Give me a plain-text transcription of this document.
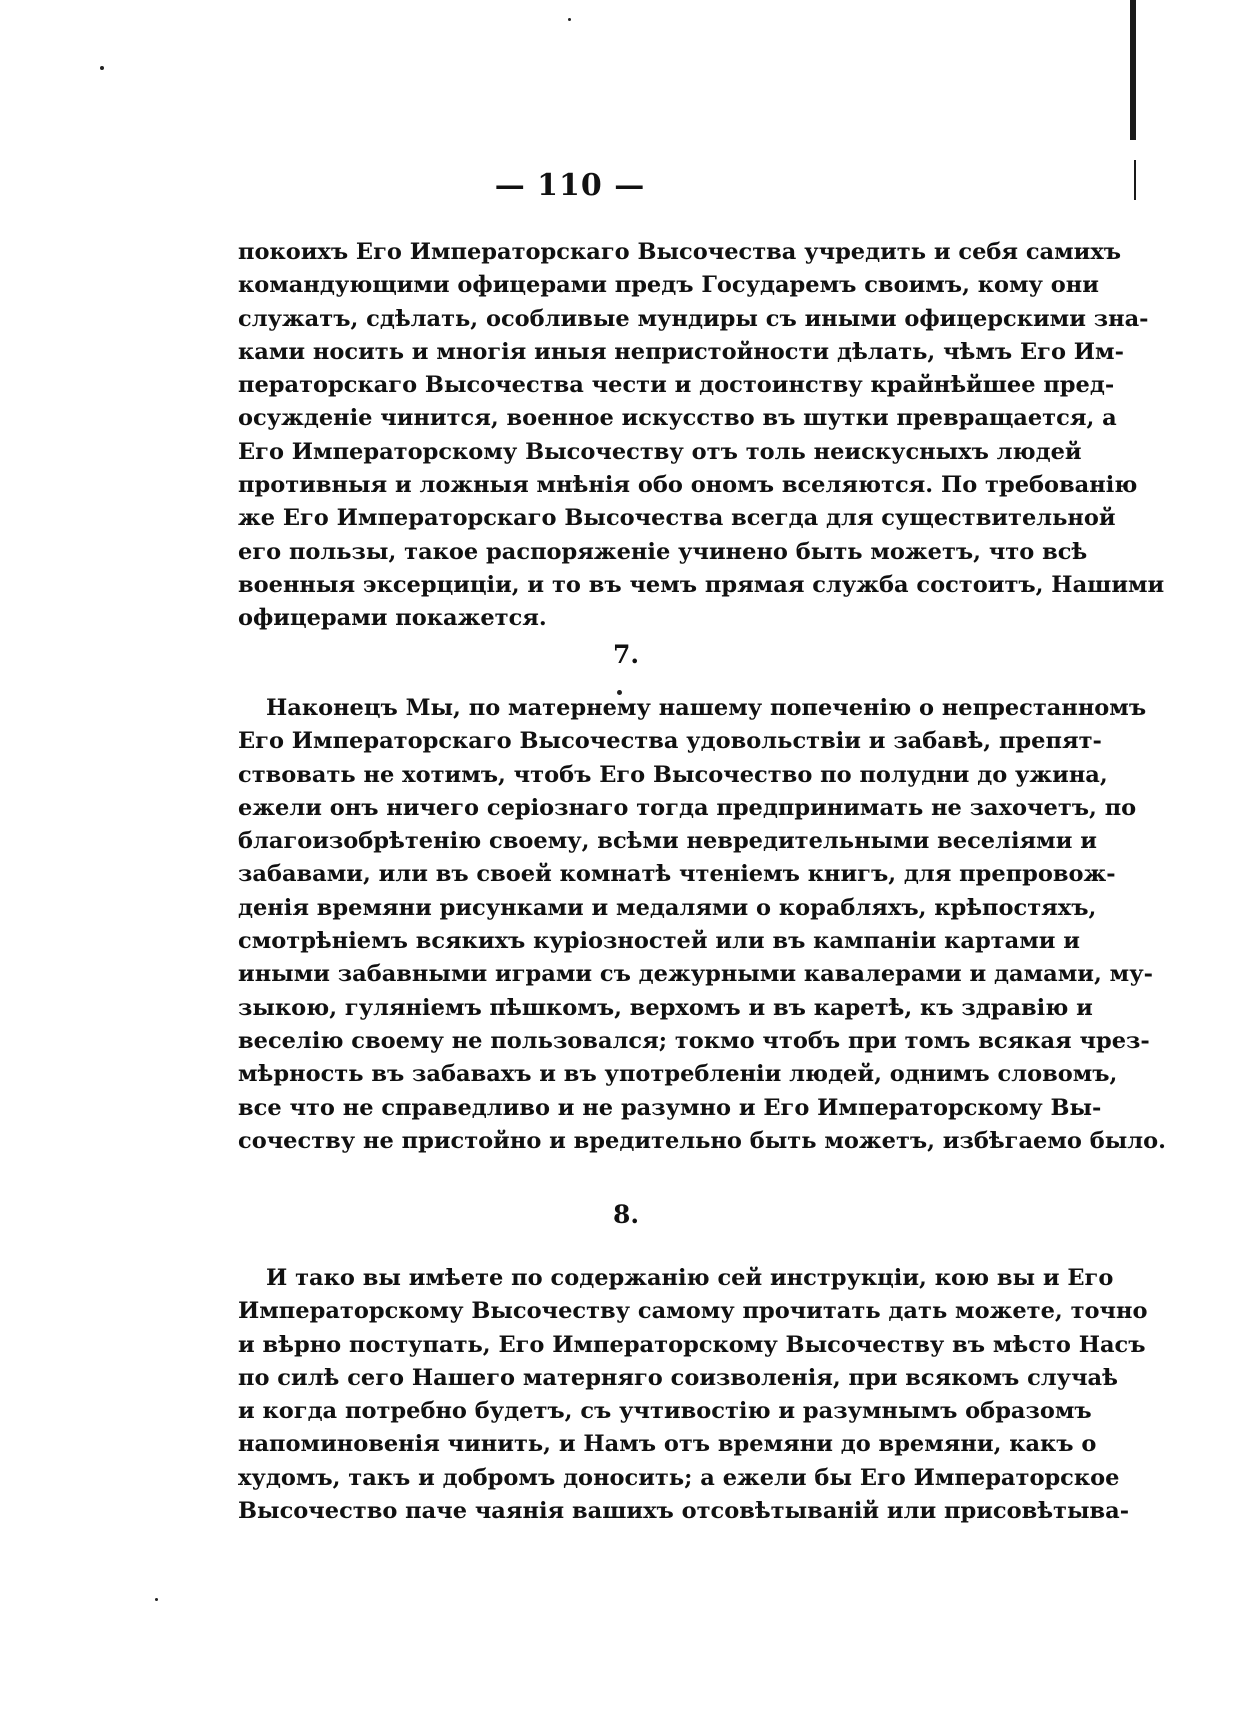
— 110 —
покоихъ Его Императорскаго Высочества учредить и себя самихъ
командующими офицерами предъ Государемъ своимъ, кому они
служатъ, сдѣлать, особливые мундиры съ иными офицерскими зна-
ками носить и многія иныя непристойности дѣлать, чѣмъ Его Им-
ператорскаго Высочества чести и достоинству крайнѣйшее пред-
осужденіе чинится, военное искусство въ шутки превращается, а
Его Императорскому Высочеству отъ толь неискусныхъ людей
противныя и ложныя мнѣнія обо ономъ вселяются. По требованію
же Его Императорскаго Высочества всегда для существительной
его пользы, такое распоряженіе учинено быть можетъ, что всѣ
военныя экcерциціи, и то въ чемъ прямая служба состоитъ, Нашими
офицерами покажется.
7.
Наконецъ Мы, по матернему нашему попеченію о непрестанномъ
Его Императорскаго Высочества удовольствіи и забавѣ, препят-
ствовать не хотимъ, чтобъ Его Высочество по полудни до ужина,
ежели онъ ничего серіознаго тогда предпринимать не захочетъ, по
благоизобрѣтенію своему, всѣми невредительными веселіями и
забавами, или въ своей комнатѣ чтеніемъ книгъ, для препровож-
денія времяни рисунками и медалями о корабляхъ, крѣпостяхъ,
смотрѣніемъ всякихъ куріозностей или въ кампаніи картами и
иными забавными играми съ дежурными кавалерами и дамами, му-
зыкою, гуляніемъ пѣшкомъ, верхомъ и въ каретѣ, къ здравію и
веселію своему не пользовался; токмо чтобъ при томъ всякая чрез-
мѣрность въ забавахъ и въ употребленіи людей, однимъ словомъ,
все что не справедливо и не разумно и Его Императорскому Вы-
сочеству не пристойно и вредительно быть можетъ, избѣгаемо было.
8.
И тако вы имѣете по содержанію сей инструкціи, кою вы и Его
Императорскому Высочеству самому прочитать дать можете, точно
и вѣрно поступать, Его Императорскому Высочеству въ мѣсто Насъ
по силѣ сего Нашего матерняго соизволенія, при всякомъ случаѣ
и когда потребно будетъ, съ учтивостію и разумнымъ образомъ
напоминовенія чинить, и Намъ отъ времяни до времяни, какъ о
худомъ, такъ и добромъ доносить; а ежели бы Его Императорское
Высочество паче чаянія вашихъ отсовѣтываній или присовѣтыва-
